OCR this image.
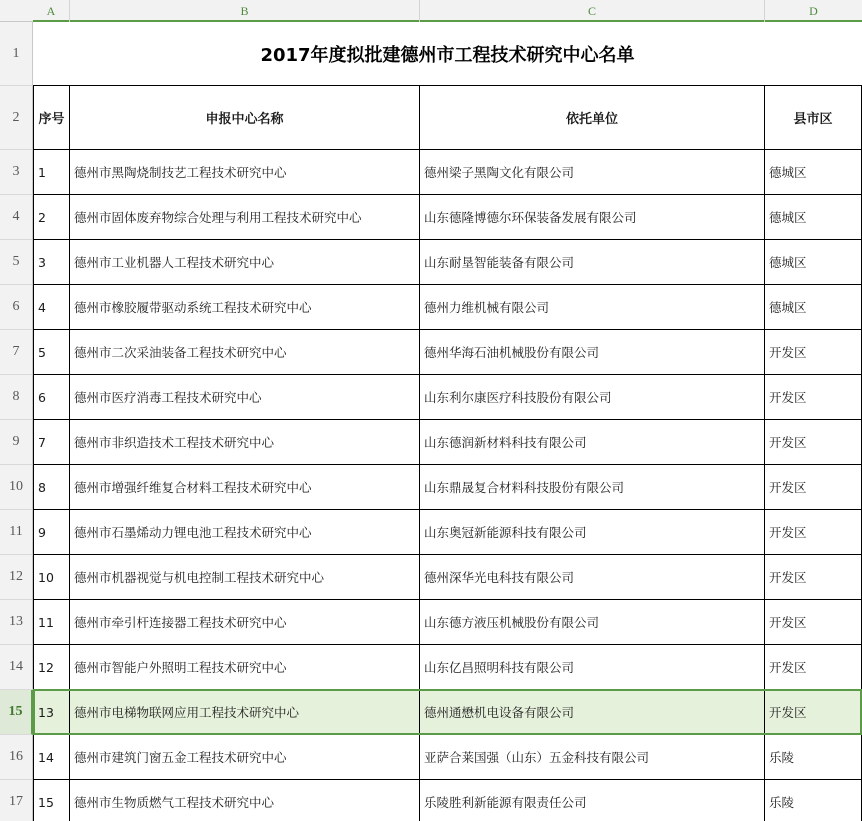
A	B	C	D
1
2
3
4
5
6
7
8
9
10
11
12
13
14
15
16
17
2017年度拟批建德州市工程技术研究中心名单
序号	申报中心名称	依托单位	县市区
1	德州市黑陶烧制技艺工程技术研究中心	德州梁子黑陶文化有限公司	德城区
2	德州市固体废弃物综合处理与利用工程技术研究中心	山东德隆博德尔环保装备发展有限公司	德城区
3	德州市工业机器人工程技术研究中心	山东耐垦智能装备有限公司	德城区
4	德州市橡胶履带驱动系统工程技术研究中心	德州力维机械有限公司	德城区
5	德州市二次采油装备工程技术研究中心	德州华海石油机械股份有限公司	开发区
6	德州市医疗消毒工程技术研究中心	山东利尔康医疗科技股份有限公司	开发区
7	德州市非织造技术工程技术研究中心	山东德润新材料科技有限公司	开发区
8	德州市增强纤维复合材料工程技术研究中心	山东鼎晟复合材料科技股份有限公司	开发区
9	德州市石墨烯动力锂电池工程技术研究中心	山东奥冠新能源科技有限公司	开发区
10	德州市机器视觉与机电控制工程技术研究中心	德州深华光电科技有限公司	开发区
11	德州市牵引杆连接器工程技术研究中心	山东德方液压机械股份有限公司	开发区
12	德州市智能户外照明工程技术研究中心	山东亿昌照明科技有限公司	开发区
13	德州市电梯物联网应用工程技术研究中心	德州通懋机电设备有限公司	开发区
14	德州市建筑门窗五金工程技术研究中心	亚萨合莱国强（山东）五金科技有限公司	乐陵
15	德州市生物质燃气工程技术研究中心	乐陵胜利新能源有限责任公司	乐陵
